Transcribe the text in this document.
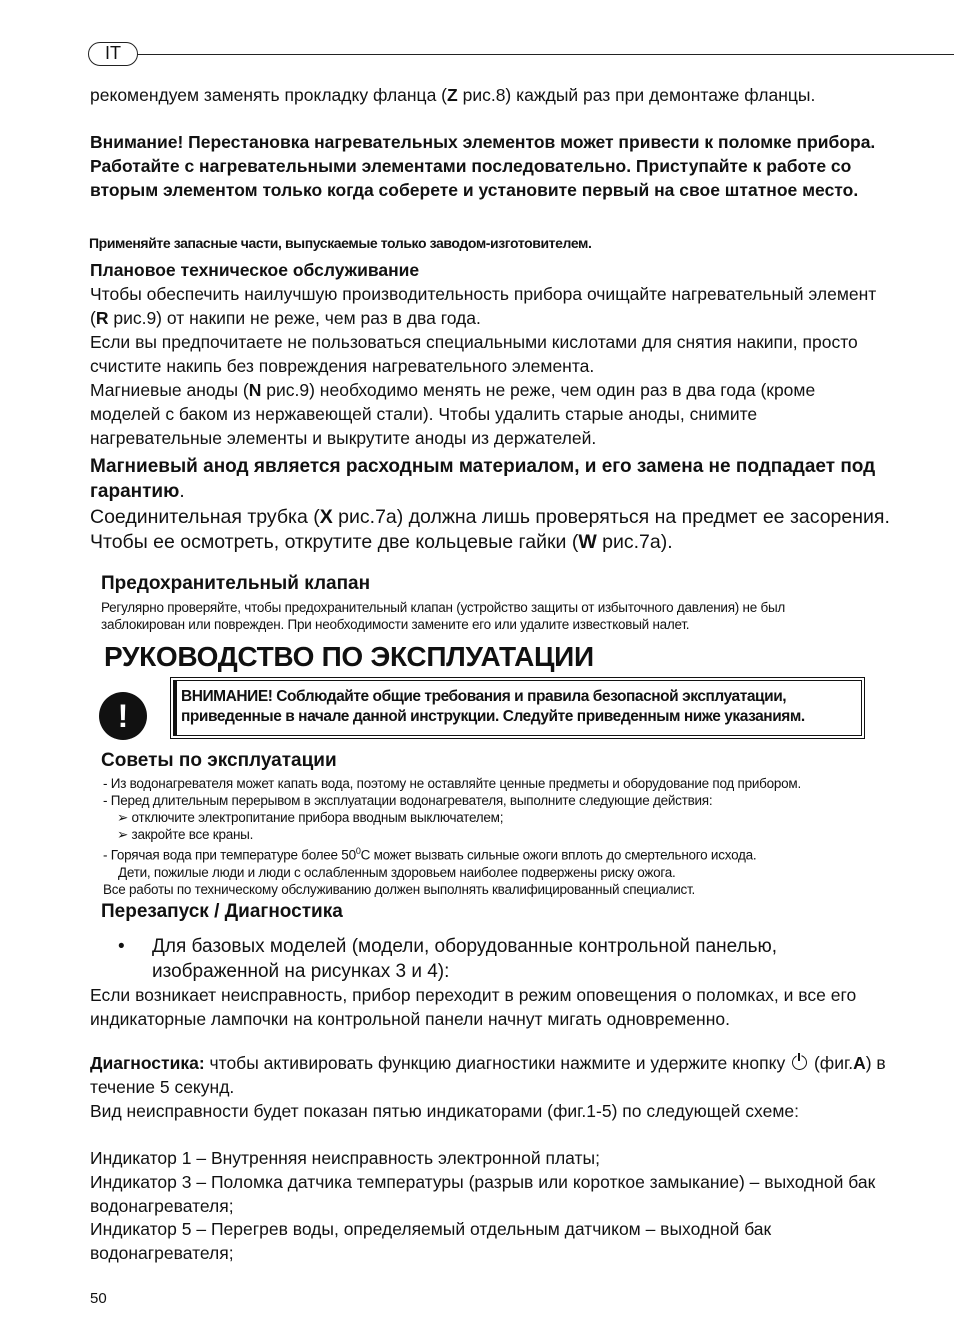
IT

рекомендуем заменять прокладку фланца (Z рис.8) каждый раз при демонтаже фланцы.

Внимание! Перестановка нагревательных элементов может привести к поломке прибора. Работайте с нагревательными элементами последовательно. Приступайте к работе со вторым элементом только когда соберете и установите первый на свое штатное место.

Применяйте запасные части, выпускаемые только заводом-изготовителем.

Плановое техническое обслуживание

Чтобы обеспечить наилучшую производительность прибора очищайте нагревательный элемент (R рис.9) от накипи не реже, чем раз в два года.

Если вы предпочитаете не пользоваться специальными кислотами для снятия накипи, просто счистите накипь без повреждения нагревательного элемента.

Магниевые аноды (N рис.9) необходимо менять не реже, чем один раз в два года (кроме моделей с баком из нержавеющей стали). Чтобы удалить старые аноды, снимите нагревательные элементы и выкрутите аноды из держателей.

Магниевый анод является расходным материалом, и его замена не подпадает под гарантию.

Соединительная трубка (X рис.7a) должна лишь проверяться на предмет ее засорения. Чтобы ее осмотреть, открутите две кольцевые гайки (W рис.7a).

Предохранительный клапан

Регулярно проверяйте, чтобы предохранительный клапан (устройство защиты от избыточного давления) не был заблокирован или поврежден. При необходимости замените его или удалите известковый налет.

РУКОВОДСТВО ПО ЭКСПЛУАТАЦИИ

!
ВНИМАНИЕ! Соблюдайте общие требования и правила безопасной эксплуатации,
приведенные в начале данной инструкции. Следуйте приведенным ниже указаниям.

Советы по эксплуатации

- Из водонагревателя может капать вода, поэтому не оставляйте ценные предметы и оборудование под прибором.
- Перед длительным перерывом в эксплуатации водонагревателя, выполните следующие действия:
➢ отключите электропитание прибора вводным выключателем;
➢ закройте все краны.
- Горячая вода при температуре более $50^0C$ может вызвать сильные ожоги вплоть до смертельного исхода.
Дети, пожилые люди и люди с ослабленным здоровьем наиболее подвержены риску ожога.
Все работы по техническому обслуживанию должен выполнять квалифицированный специалист.

Перезапуск / Диагностика

• Для базовых моделей (модели, оборудованные контрольной панелью, изображенной на рисунках 3 и 4):

Если возникает неисправность, прибор переходит в режим оповещения о поломках, и все его индикаторные лампочки на контрольной панели начнут мигать одновременно.

Диагностика: чтобы активировать функцию диагностики нажмите и удержите кнопку  (фиг.A) в течение 5 секунд.

Вид неисправности будет показан пятью индикаторами (фиг.1-5) по следующей схеме:

Индикатор 1 – Внутренняя неисправность электронной платы;

Индикатор 3 – Поломка датчика температуры (разрыв или короткое замыкание) – выходной бак водонагревателя;

Индикатор 5 – Перегрев воды, определяемый отдельным датчиком – выходной бак водонагревателя;

50
